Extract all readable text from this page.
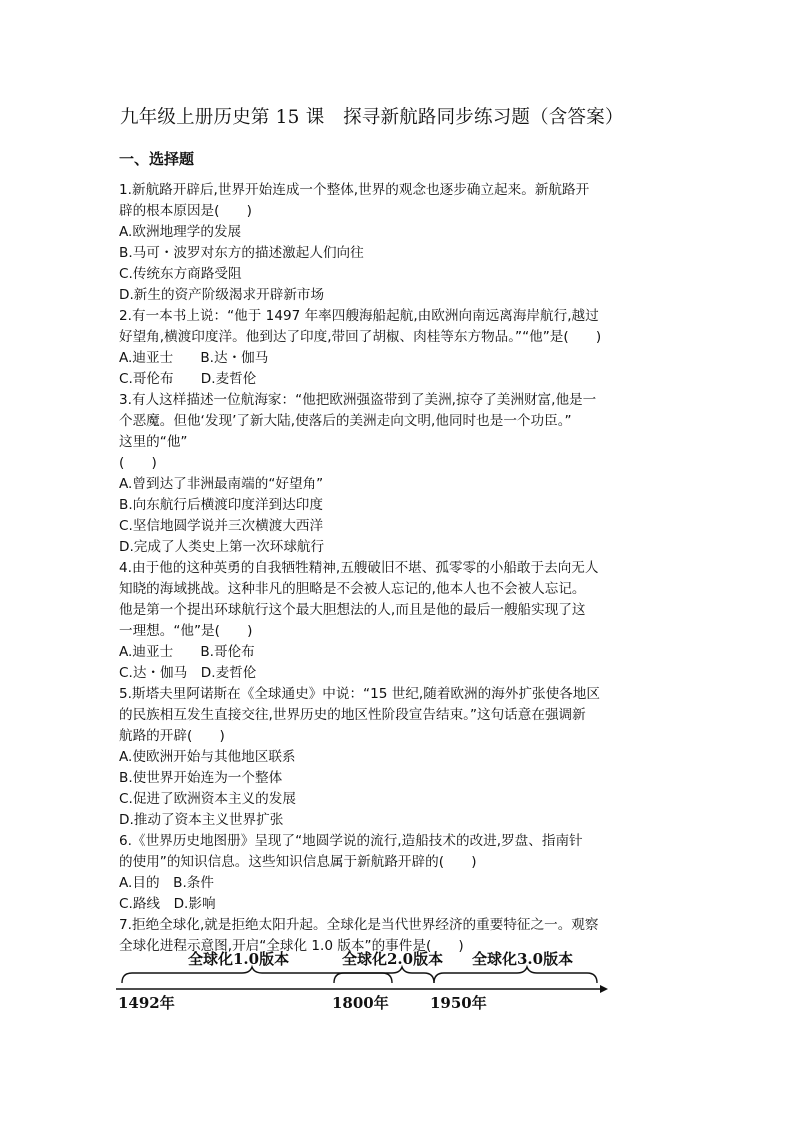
九年级上册历史第 15 课　探寻新航路同步练习题（含答案）
一、选择题
1.新航路开辟后,世界开始连成一个整体,世界的观念也逐步确立起来。新航路开
辟的根本原因是(　　)
A.欧洲地理学的发展
B.马可・波罗对东方的描述激起人们向往
C.传统东方商路受阻
D.新生的资产阶级渴求开辟新市场
2.有一本书上说：“他于 1497 年率四艘海船起航,由欧洲向南远离海岸航行,越过
好望角,横渡印度洋。他到达了印度,带回了胡椒、肉桂等东方物品。”“他”是(　　)
A.迪亚士　　B.达・伽马
C.哥伦布　　D.麦哲伦
3.有人这样描述一位航海家：“他把欧洲强盗带到了美洲,掠夺了美洲财富,他是一
个恶魔。但他‘发现’了新大陆,使落后的美洲走向文明,他同时也是一个功臣。”
这里的“他”
(　　)
A.曾到达了非洲最南端的“好望角”
B.向东航行后横渡印度洋到达印度
C.坚信地圆学说并三次横渡大西洋
D.完成了人类史上第一次环球航行
4.由于他的这种英勇的自我牺牲精神,五艘破旧不堪、孤零零的小船敢于去向无人
知晓的海域挑战。这种非凡的胆略是不会被人忘记的,他本人也不会被人忘记。
他是第一个提出环球航行这个最大胆想法的人,而且是他的最后一艘船实现了这
一理想。“他”是(　　)
A.迪亚士　　B.哥伦布
C.达・伽马　D.麦哲伦
5.斯塔夫里阿诺斯在《全球通史》中说：“15 世纪,随着欧洲的海外扩张使各地区
的民族相互发生直接交往,世界历史的地区性阶段宣告结束。”这句话意在强调新
航路的开辟(　　)
A.使欧洲开始与其他地区联系
B.使世界开始连为一个整体
C.促进了欧洲资本主义的发展
D.推动了资本主义世界扩张
6.《世界历史地图册》呈现了“地圆学说的流行,造船技术的改进,罗盘、指南针
的使用”的知识信息。这些知识信息属于新航路开辟的(　　)
A.目的　B.条件
C.路线　D.影响
7.拒绝全球化,就是拒绝太阳升起。全球化是当代世界经济的重要特征之一。观察
全球化进程示意图,开启“全球化 1.0 版本”的事件是(　　)
全球化1.0版本	全球化2.0版本 全球化3.0版本
1492年	1800年	1950年
